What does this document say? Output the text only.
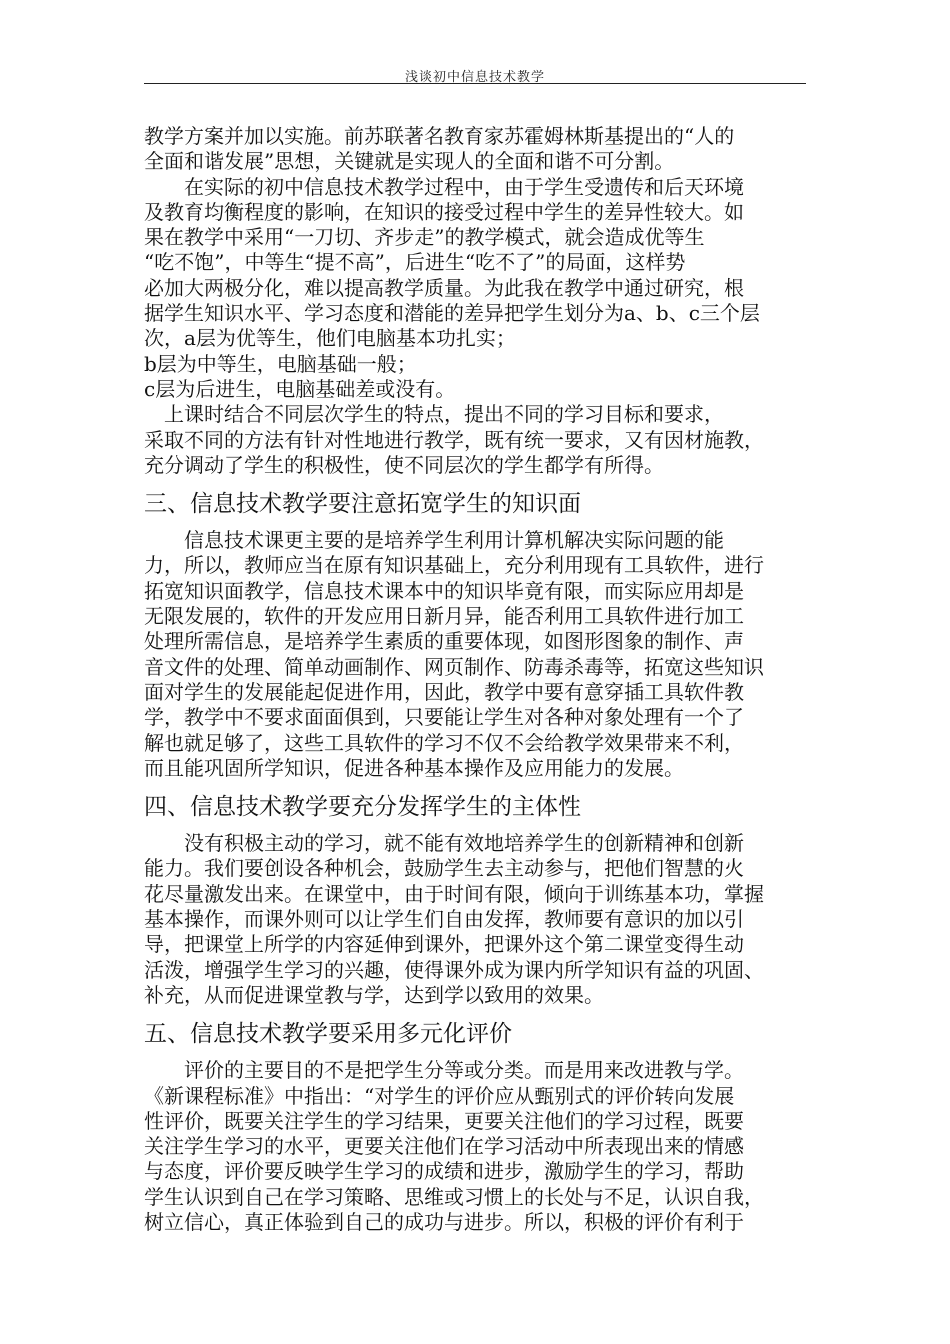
浅谈初中信息技术教学
教学方案并加以实施。前苏联著名教育家苏霍姆林斯基提出的“人的
全面和谐发展”思想，关键就是实现人的全面和谐不可分割。
　　在实际的初中信息技术教学过程中，由于学生受遗传和后天环境
及教育均衡程度的影响，在知识的接受过程中学生的差异性较大。如
果在教学中采用“一刀切、齐步走”的教学模式，就会造成优等生
“吃不饱”，中等生“提不高”，后进生“吃不了”的局面，这样势
必加大两极分化，难以提高教学质量。为此我在教学中通过研究，根
据学生知识水平、学习态度和潜能的差异把学生划分为a、b、c三个层
次，a层为优等生，他们电脑基本功扎实；
b层为中等生，电脑基础一般；
c层为后进生，电脑基础差或没有。
　上课时结合不同层次学生的特点，提出不同的学习目标和要求，
采取不同的方法有针对性地进行教学，既有统一要求，又有因材施教，
充分调动了学生的积极性，使不同层次的学生都学有所得。
三、信息技术教学要注意拓宽学生的知识面
　　信息技术课更主要的是培养学生利用计算机解决实际问题的能
力，所以，教师应当在原有知识基础上，充分利用现有工具软件，进行
拓宽知识面教学，信息技术课本中的知识毕竟有限，而实际应用却是
无限发展的，软件的开发应用日新月异，能否利用工具软件进行加工
处理所需信息，是培养学生素质的重要体现，如图形图象的制作、声
音文件的处理、简单动画制作、网页制作、防毒杀毒等，拓宽这些知识
面对学生的发展能起促进作用，因此，教学中要有意穿插工具软件教
学，教学中不要求面面俱到，只要能让学生对各种对象处理有一个了
解也就足够了，这些工具软件的学习不仅不会给教学效果带来不利，
而且能巩固所学知识，促进各种基本操作及应用能力的发展。
四、信息技术教学要充分发挥学生的主体性
　　没有积极主动的学习，就不能有效地培养学生的创新精神和创新
能力。我们要创设各种机会，鼓励学生去主动参与，把他们智慧的火
花尽量激发出来。在课堂中，由于时间有限，倾向于训练基本功，掌握
基本操作，而课外则可以让学生们自由发挥，教师要有意识的加以引
导，把课堂上所学的内容延伸到课外，把课外这个第二课堂变得生动
活泼，增强学生学习的兴趣，使得课外成为课内所学知识有益的巩固、
补充，从而促进课堂教与学，达到学以致用的效果。
五、信息技术教学要采用多元化评价
　　评价的主要目的不是把学生分等或分类。而是用来改进教与学。
《新课程标准》中指出：“对学生的评价应从甄别式的评价转向发展
性评价，既要关注学生的学习结果，更要关注他们的学习过程，既要
关注学生学习的水平，更要关注他们在学习活动中所表现出来的情感
与态度，评价要反映学生学习的成绩和进步，激励学生的学习，帮助
学生认识到自己在学习策略、思维或习惯上的长处与不足，认识自我，
树立信心，真正体验到自己的成功与进步。所以，积极的评价有利于
